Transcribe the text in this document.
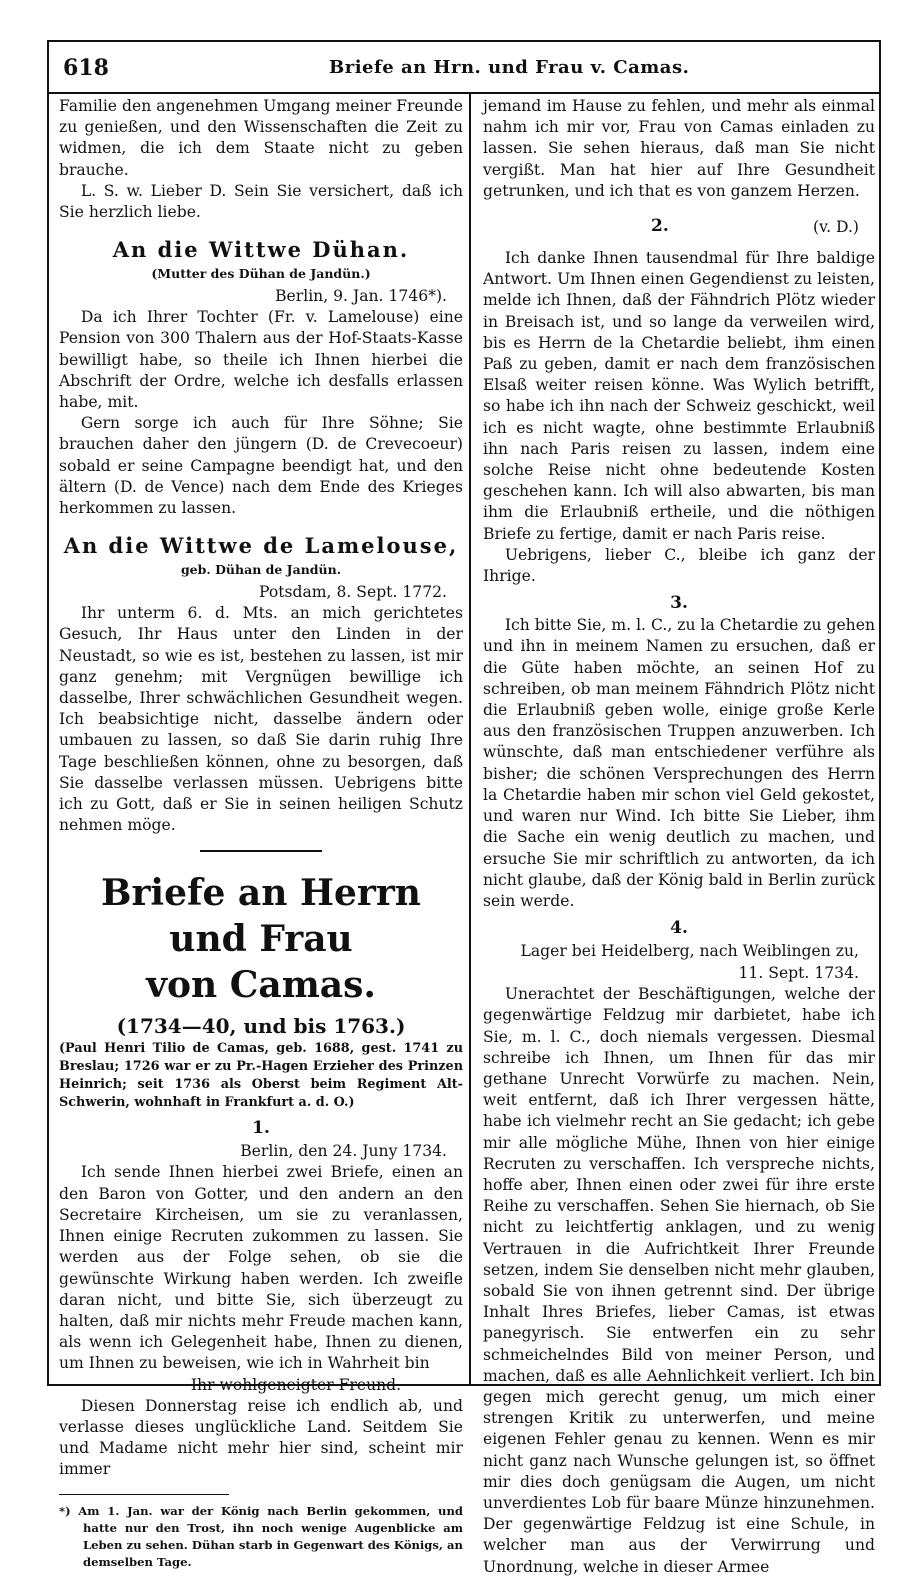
618	Briefe an Hrn. und Frau v. Camas.

Familie den angenehmen Umgang meiner Freunde zu genießen, und den Wissenschaften die Zeit zu widmen, die ich dem Staate nicht zu geben brauche.

L. S. w. Lieber D. Sein Sie versichert, daß ich Sie herzlich liebe.

An die Wittwe Dühan.
(Mutter des Dühan de Jandün.)
Berlin, 9. Jan. 1746*).

Da ich Ihrer Tochter (Fr. v. Lamelouse) eine Pension von 300 Thalern aus der Hof-Staats-Kasse bewilligt habe, so theile ich Ihnen hierbei die Abschrift der Ordre, welche ich desfalls erlassen habe, mit.

Gern sorge ich auch für Ihre Söhne; Sie brauchen daher den jüngern (D. de Crevecoeur) sobald er seine Campagne beendigt hat, und den ältern (D. de Vence) nach dem Ende des Krieges herkommen zu lassen.

An die Wittwe de Lamelouse,
geb. Dühan de Jandün.
Potsdam, 8. Sept. 1772.

Ihr unterm 6. d. Mts. an mich gerichtetes Gesuch, Ihr Haus unter den Linden in der Neustadt, so wie es ist, bestehen zu lassen, ist mir ganz genehm; mit Vergnügen bewillige ich dasselbe, Ihrer schwächlichen Gesundheit wegen. Ich beabsichtige nicht, dasselbe ändern oder umbauen zu lassen, so daß Sie darin ruhig Ihre Tage beschließen können, ohne zu besorgen, daß Sie dasselbe verlassen müssen. Uebrigens bitte ich zu Gott, daß er Sie in seinen heiligen Schutz nehmen möge.

Briefe an Herrn und Frau
von Camas.
(1734—40, und bis 1763.)

(Paul Henri Tilio de Camas, geb. 1688, gest. 1741 zu Breslau; 1726 war er zu Pr.-Hagen Erzieher des Prinzen Heinrich; seit 1736 als Oberst beim Regiment Alt-Schwerin, wohnhaft in Frankfurt a. d. O.)

1.
Berlin, den 24. Juny 1734.

Ich sende Ihnen hierbei zwei Briefe, einen an den Baron von Gotter, und den andern an den Secretaire Kircheisen, um sie zu veranlassen, Ihnen einige Recruten zukommen zu lassen. Sie werden aus der Folge sehen, ob sie die gewünschte Wirkung haben werden. Ich zweifle daran nicht, und bitte Sie, sich überzeugt zu halten, daß mir nichts mehr Freude machen kann, als wenn ich Gelegenheit habe, Ihnen zu dienen, um Ihnen zu beweisen, wie ich in Wahrheit bin

Ihr wohlgeneigter Freund.

Diesen Donnerstag reise ich endlich ab, und verlasse dieses unglückliche Land. Seitdem Sie und Madame nicht mehr hier sind, scheint mir immer

*) Am 1. Jan. war der König nach Berlin gekommen, und hatte nur den Trost, ihn noch wenige Augenblicke am Leben zu sehen. Dühan starb in Gegenwart des Königs, an demselben Tage.

jemand im Hause zu fehlen, und mehr als einmal nahm ich mir vor, Frau von Camas einladen zu lassen. Sie sehen hieraus, daß man Sie nicht vergißt. Man hat hier auf Ihre Gesundheit getrunken, und ich that es von ganzem Herzen.

2.	(v. D.)

Ich danke Ihnen tausendmal für Ihre baldige Antwort. Um Ihnen einen Gegendienst zu leisten, melde ich Ihnen, daß der Fähndrich Plötz wieder in Breisach ist, und so lange da verweilen wird, bis es Herrn de la Chetardie beliebt, ihm einen Paß zu geben, damit er nach dem französischen Elsaß weiter reisen könne. Was Wylich betrifft, so habe ich ihn nach der Schweiz geschickt, weil ich es nicht wagte, ohne bestimmte Erlaubniß ihn nach Paris reisen zu lassen, indem eine solche Reise nicht ohne bedeutende Kosten geschehen kann. Ich will also abwarten, bis man ihm die Erlaubniß ertheile, und die nöthigen Briefe zu fertige, damit er nach Paris reise.

Uebrigens, lieber C., bleibe ich ganz der Ihrige.

3.

Ich bitte Sie, m. l. C., zu la Chetardie zu gehen und ihn in meinem Namen zu ersuchen, daß er die Güte haben möchte, an seinen Hof zu schreiben, ob man meinem Fähndrich Plötz nicht die Erlaubniß geben wolle, einige große Kerle aus den französischen Truppen anzuwerben. Ich wünschte, daß man entschiedener verführe als bisher; die schönen Versprechungen des Herrn la Chetardie haben mir schon viel Geld gekostet, und waren nur Wind. Ich bitte Sie Lieber, ihm die Sache ein wenig deutlich zu machen, und ersuche Sie mir schriftlich zu antworten, da ich nicht glaube, daß der König bald in Berlin zurück sein werde.

4.
Lager bei Heidelberg, nach Weiblingen zu,
11. Sept. 1734.

Unerachtet der Beschäftigungen, welche der gegenwärtige Feldzug mir darbietet, habe ich Sie, m. l. C., doch niemals vergessen. Diesmal schreibe ich Ihnen, um Ihnen für das mir gethane Unrecht Vorwürfe zu machen. Nein, weit entfernt, daß ich Ihrer vergessen hätte, habe ich vielmehr recht an Sie gedacht; ich gebe mir alle mögliche Mühe, Ihnen von hier einige Recruten zu verschaffen. Ich verspreche nichts, hoffe aber, Ihnen einen oder zwei für ihre erste Reihe zu verschaffen. Sehen Sie hiernach, ob Sie nicht zu leichtfertig anklagen, und zu wenig Vertrauen in die Aufrichtkeit Ihrer Freunde setzen, indem Sie denselben nicht mehr glauben, sobald Sie von ihnen getrennt sind. Der übrige Inhalt Ihres Briefes, lieber Camas, ist etwas panegyrisch. Sie entwerfen ein zu sehr schmeichelndes Bild von meiner Person, und machen, daß es alle Aehnlichkeit verliert. Ich bin gegen mich gerecht genug, um mich einer strengen Kritik zu unterwerfen, und meine eigenen Fehler genau zu kennen. Wenn es mir nicht ganz nach Wunsche gelungen ist, so öffnet mir dies doch genügsam die Augen, um nicht unverdientes Lob für baare Münze hinzunehmen. Der gegenwärtige Feldzug ist eine Schule, in welcher man aus der Verwirrung und Unordnung, welche in dieser Armee
